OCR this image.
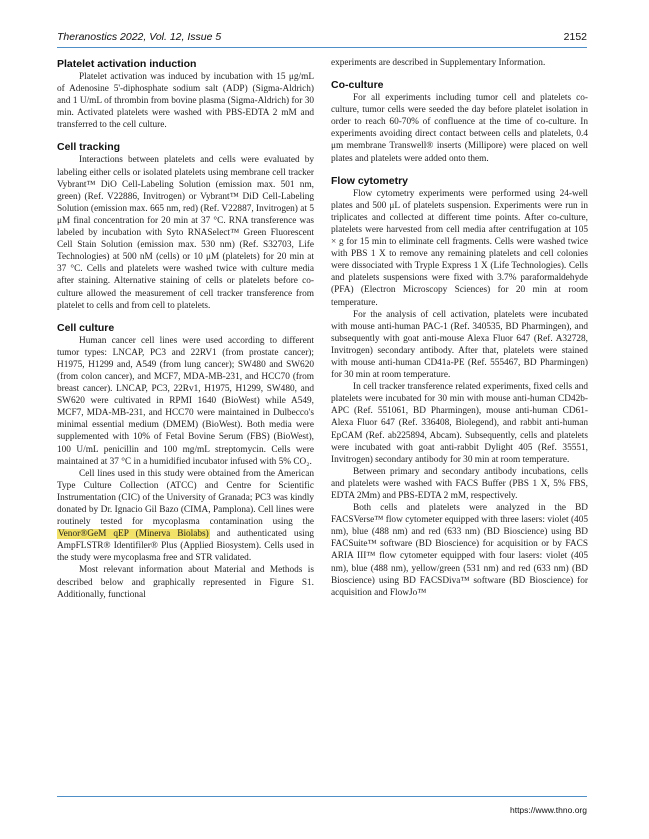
Theranostics 2022, Vol. 12, Issue 5	2152
Platelet activation induction

Platelet activation was induced by incubation with 15 μg/mL of Adenosine 5'-diphosphate sodium salt (ADP) (Sigma-Aldrich) and 1 U/mL of thrombin from bovine plasma (Sigma-Aldrich) for 30 min. Activated platelets were washed with PBS-EDTA 2 mM and transferred to the cell culture.

Cell tracking

Interactions between platelets and cells were evaluated by labeling either cells or isolated platelets using membrane cell tracker Vybrant™ DiO Cell-Labeling Solution (emission max. 501 nm, green) (Ref. V22886, Invitrogen) or Vybrant™ DiD Cell-Labeling Solution (emission max. 665 nm, red) (Ref. V22887, Invitrogen) at 5 μM final concentration for 20 min at 37 °C. RNA transference was labeled by incubation with Syto RNASelect™ Green Fluorescent Cell Stain Solution (emission max. 530 nm) (Ref. S32703, Life Technologies) at 500 nM (cells) or 10 μM (platelets) for 20 min at 37 °C. Cells and platelets were washed twice with culture media after staining. Alternative staining of cells or platelets before co-culture allowed the measurement of cell tracker transference from platelet to cells and from cell to platelets.

Cell culture

Human cancer cell lines were used according to different tumor types: LNCAP, PC3 and 22RV1 (from prostate cancer); H1975, H1299 and, A549 (from lung cancer); SW480 and SW620 (from colon cancer), and MCF7, MDA-MB-231, and HCC70 (from breast cancer). LNCAP, PC3, 22Rv1, H1975, H1299, SW480, and SW620 were cultivated in RPMI 1640 (BioWest) while A549, MCF7, MDA-MB-231, and HCC70 were maintained in Dulbecco's minimal essential medium (DMEM) (BioWest). Both media were supplemented with 10% of Fetal Bovine Serum (FBS) (BioWest), 100 U/mL penicillin and 100 mg/mL streptomycin. Cells were maintained at 37 °C in a humidified incubator infused with 5% CO₂.

Cell lines used in this study were obtained from the American Type Culture Collection (ATCC) and Centre for Scientific Instrumentation (CIC) of the University of Granada; PC3 was kindly donated by Dr. Ignacio Gil Bazo (CIMA, Pamplona). Cell lines were routinely tested for mycoplasma contamination using the Venor®GeM qEP (Minerva Biolabs) and authenticated using AmpFLSTR® Identifiler® Plus (Applied Biosystem). Cells used in the study were mycoplasma free and STR validated.

Most relevant information about Material and Methods is described below and graphically represented in Figure S1. Additionally, functional

experiments are described in Supplementary Information.

Co-culture

For all experiments including tumor cell and platelets co-culture, tumor cells were seeded the day before platelet isolation in order to reach 60-70% of confluence at the time of co-culture. In experiments avoiding direct contact between cells and platelets, 0.4 μm membrane Transwell® inserts (Millipore) were placed on well plates and platelets were added onto them.

Flow cytometry

Flow cytometry experiments were performed using 24-well plates and 500 μL of platelets suspension. Experiments were run in triplicates and collected at different time points. After co-culture, platelets were harvested from cell media after centrifugation at 105 × g for 15 min to eliminate cell fragments. Cells were washed twice with PBS 1 X to remove any remaining platelets and cell colonies were dissociated with Tryple Express 1 X (Life Technologies). Cells and platelets suspensions were fixed with 3.7% paraformaldehyde (PFA) (Electron Microscopy Sciences) for 20 min at room temperature.

For the analysis of cell activation, platelets were incubated with mouse anti-human PAC-1 (Ref. 340535, BD Pharmingen), and subsequently with goat anti-mouse Alexa Fluor 647 (Ref. A32728, Invitrogen) secondary antibody. After that, platelets were stained with mouse anti-human CD41a-PE (Ref. 555467, BD Pharmingen) for 30 min at room temperature.

In cell tracker transference related experiments, fixed cells and platelets were incubated for 30 min with mouse anti-human CD42b-APC (Ref. 551061, BD Pharmingen), mouse anti-human CD61-Alexa Fluor 647 (Ref. 336408, Biolegend), and rabbit anti-human EpCAM (Ref. ab225894, Abcam). Subsequently, cells and platelets were incubated with goat anti-rabbit Dylight 405 (Ref. 35551, Invitrogen) secondary antibody for 30 min at room temperature.

Between primary and secondary antibody incubations, cells and platelets were washed with FACS Buffer (PBS 1 X, 5% FBS, EDTA 2Mm) and PBS-EDTA 2 mM, respectively.

Both cells and platelets were analyzed in the BD FACSVerse™ flow cytometer equipped with three lasers: violet (405 nm), blue (488 nm) and red (633 nm) (BD Bioscience) using BD FACSuite™ software (BD Bioscience) for acquisition or by FACS ARIA III™ flow cytometer equipped with four lasers: violet (405 nm), blue (488 nm), yellow/green (531 nm) and red (633 nm) (BD Bioscience) using BD FACSDiva™ software (BD Bioscience) for acquisition and FlowJo™

https://www.thno.org
